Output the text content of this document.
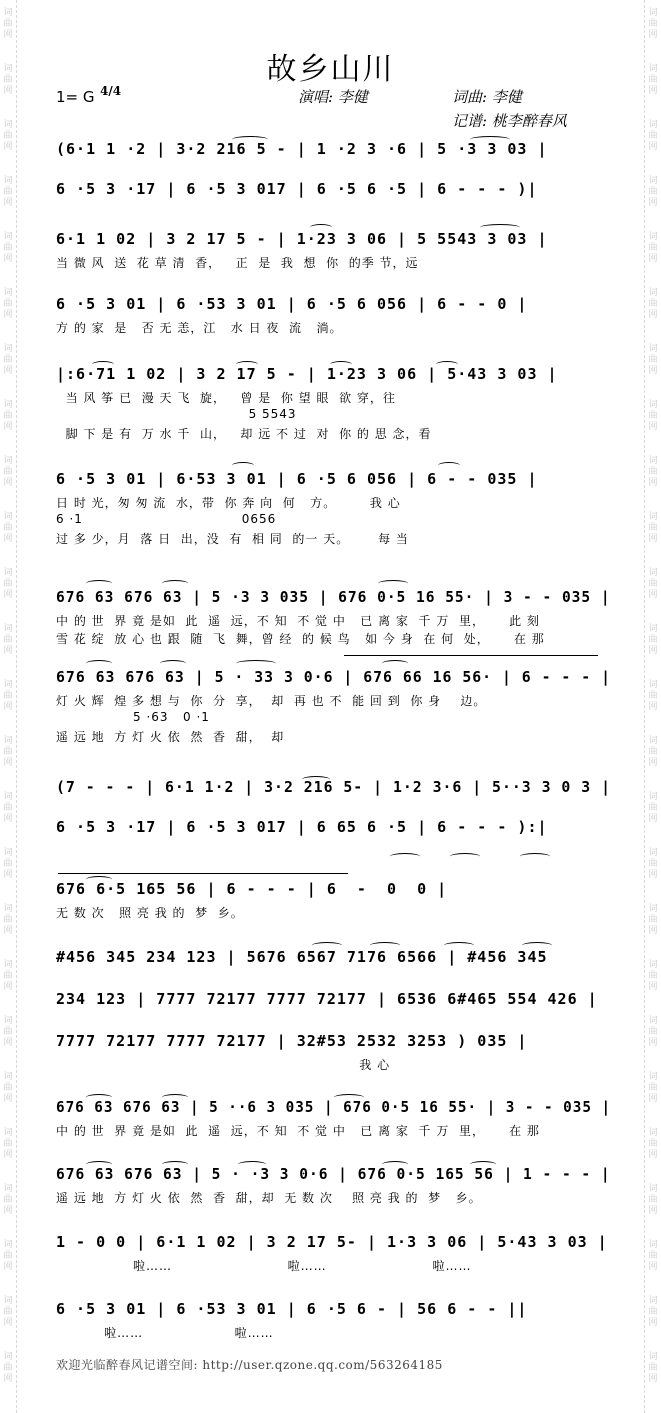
词
曲
网
词
曲
网
词
曲
网
词
曲
网
词
曲
网
词
曲
网
词
曲
网
词
曲
网
词
曲
网
词
曲
网
词
曲
网
词
曲
网
词
曲
网
词
曲
网
词
曲
网
词
曲
网
词
曲
网
词
曲
网
词
曲
网
词
曲
网
词
曲
网
词
曲
网
词
曲
网
词
曲
网
词
曲
网
词
曲
网
词
曲
网
词
曲
网
词
曲
网
词
曲
网
词
曲
网
词
曲
网
词
曲
网
词
曲
网
词
曲
网
词
曲
网
词
曲
网
词
曲
网
词
曲
网
词
曲
网
词
曲
网
词
曲
网
词
曲
网
词
曲
网
词
曲
网
词
曲
网
词
曲
网
词
曲
网
词
曲
网
词
曲
网
故乡山川
1= G 4/4	演唱: 李健	词曲: 李健
记谱: 桃李醉春风
(6·1 1 ·2 | 3·2 216 5 - | 1 ·2 3 ·6 | 5 ·3 3 03 |
6 ·5 3 ·17 | 6 ·5 3 017 | 6 ·5 6 ·5 | 6 - - - )|
6·1 1 02 | 3 2 17 5 - | 1·23 3 06 | 5 5543 3 03 |
当 微 风  送  花 草 清  香，   正  是  我  想  你  的季 节，远
6 ·5 3 01 | 6 ·53 3 01 | 6 ·5 6 056 | 6 - - 0 |
方 的 家  是   否 无 恙，江   水 日 夜  流   淌。
|:6·71 1 02 | 3 2 17 5 - | 1·23 3 06 | 5·43 3 03 |
当 风 筝 已  漫 天 飞  旋，   曾 是  你 望 眼  欲 穿，往
5 5543
脚 下 是 有  万 水 千  山，   却 远 不 过  对  你 的 思 念，看
6 ·5 3 01 | 6·53 3 01 | 6 ·5 6 056 | 6 - - 035 |
日 时 光，匆 匆 流  水，带  你 奔 向  何   方。       我 心
6 ·1                                 0656
过 多 少，月  落 日  出，没  有  相 同  的一 天。      每 当
676 63 676 63 | 5 ·3 3 035 | 676 0·5 16 55· | 3 - - 035 |
中 的 世  界 竟 是如  此  遥  远，不 知  不 觉 中   已 离 家  千 万  里，     此 刻
雪 花 绽  放 心 也 跟  随  飞  舞，曾 经  的 候 鸟   如 今 身  在 何  处，     在 那
676 63 676 63 | 5 · 33 3 0·6 | 676 66 16 56· | 6 - - - |
灯 火 辉  煌 多 想 与  你  分  享，  却  再 也 不  能 回 到  你 身    边。
5 ·63   0 ·1
遥 远 地  方 灯 火 依  然  香  甜，  却
(7 - - - | 6·1 1·2 | 3·2 216 5- | 1·2 3·6 | 5··3 3 0 3 |
6 ·5 3 ·17 | 6 ·5 3 017 | 6 65 6 ·5 | 6 - - - ):|
676 6·5 165 56 | 6 - - - | 6  -  0  0 |
无 数 次   照 亮 我 的  梦  乡。
#456 345 234 123 | 5676 6567 7176 6566 | #456 345
234 123 | 7777 72177 7777 72177 | 6536 6#465 554 426 |
7777 72177 7777 72177 | 32#53 2532 3253 ) 035 |
我 心
676 63 676 63 | 5 ··6 3 035 | 676 0·5 16 55· | 3 - - 035 |
中 的 世  界 竟 是如  此  遥  远，不 知  不 觉 中   已 离 家  千 万  里，     在 那
676 63 676 63 | 5 · ·3 3 0·6 | 676 0·5 165 56 | 1 - - - |
遥 远 地  方 灯 火 依  然  香  甜，却  无 数 次    照 亮 我 的  梦   乡。
1 - 0 0 | 6·1 1 02 | 3 2 17 5- | 1·3 3 06 | 5·43 3 03 |
啦……                        啦……                      啦……
6 ·5 3 01 | 6 ·53 3 01 | 6 ·5 6 - | 56 6 - - ||
啦……                   啦……
欢迎光临醉春风记谱空间: http://user.qzone.qq.com/563264185
